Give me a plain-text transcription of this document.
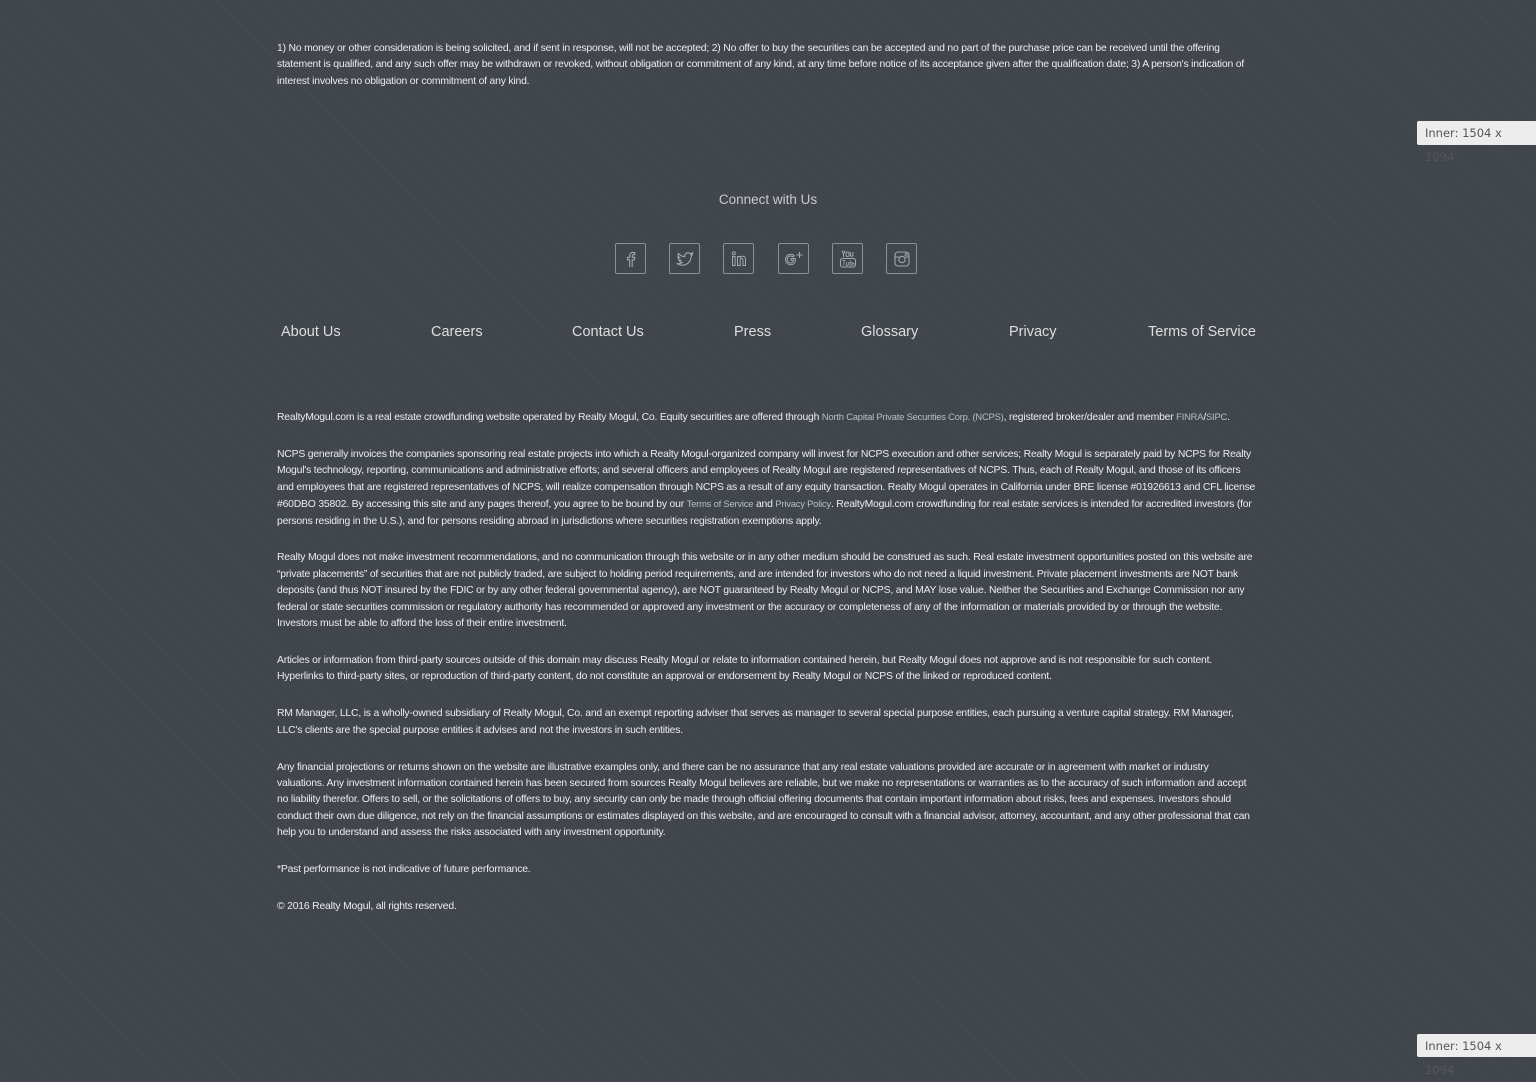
1) No money or other consideration is being solicited, and if sent in response, will not be accepted; 2) No offer to buy the securities can be accepted and no part of the purchase price can be received until the offering statement is qualified, and any such offer may be withdrawn or revoked, without obligation or commitment of any kind, at any time before notice of its acceptance given after the qualification date; 3) A person's indication of interest involves no obligation or commitment of any kind.
Inner: 1504 x 1094
Connect with Us
About Us	Careers	Contact Us	Press	Glossary	Privacy	Terms of Service

RealtyMogul.com is a real estate crowdfunding website operated by Realty Mogul, Co. Equity securities are offered through North Capital Private Securities Corp. (NCPS), registered broker/dealer and member FINRA/SIPC.

NCPS generally invoices the companies sponsoring real estate projects into which a Realty Mogul-organized company will invest for NCPS execution and other services; Realty Mogul is separately paid by NCPS for Realty Mogul's technology, reporting, communications and administrative efforts; and several officers and employees of Realty Mogul are registered representatives of NCPS. Thus, each of Realty Mogul, and those of its officers and employees that are registered representatives of NCPS, will realize compensation through NCPS as a result of any equity transaction. Realty Mogul operates in California under BRE license #01926613 and CFL license #60DBO 35802. By accessing this site and any pages thereof, you agree to be bound by our Terms of Service and Privacy Policy. RealtyMogul.com crowdfunding for real estate services is intended for accredited investors (for persons residing in the U.S.), and for persons residing abroad in jurisdictions where securities registration exemptions apply.

Realty Mogul does not make investment recommendations, and no communication through this website or in any other medium should be construed as such. Real estate investment opportunities posted on this website are “private placements” of securities that are not publicly traded, are subject to holding period requirements, and are intended for investors who do not need a liquid investment. Private placement investments are NOT bank deposits (and thus NOT insured by the FDIC or by any other federal governmental agency), are NOT guaranteed by Realty Mogul or NCPS, and MAY lose value. Neither the Securities and Exchange Commission nor any federal or state securities commission or regulatory authority has recommended or approved any investment or the accuracy or completeness of any of the information or materials provided by or through the website. Investors must be able to afford the loss of their entire investment.

Articles or information from third-party sources outside of this domain may discuss Realty Mogul or relate to information contained herein, but Realty Mogul does not approve and is not responsible for such content. Hyperlinks to third-party sites, or reproduction of third-party content, do not constitute an approval or endorsement by Realty Mogul or NCPS of the linked or reproduced content.

RM Manager, LLC, is a wholly-owned subsidiary of Realty Mogul, Co. and an exempt reporting adviser that serves as manager to several special purpose entities, each pursuing a venture capital strategy. RM Manager, LLC's clients are the special purpose entities it advises and not the investors in such entities.

Any financial projections or returns shown on the website are illustrative examples only, and there can be no assurance that any real estate valuations provided are accurate or in agreement with market or industry valuations. Any investment information contained herein has been secured from sources Realty Mogul believes are reliable, but we make no representations or warranties as to the accuracy of such information and accept no liability therefor. Offers to sell, or the solicitations of offers to buy, any security can only be made through official offering documents that contain important information about risks, fees and expenses. Investors should conduct their own due diligence, not rely on the financial assumptions or estimates displayed on this website, and are encouraged to consult with a financial advisor, attorney, accountant, and any other professional that can help you to understand and assess the risks associated with any investment opportunity.

*Past performance is not indicative of future performance.

© 2016 Realty Mogul, all rights reserved.

Inner: 1504 x 1094
